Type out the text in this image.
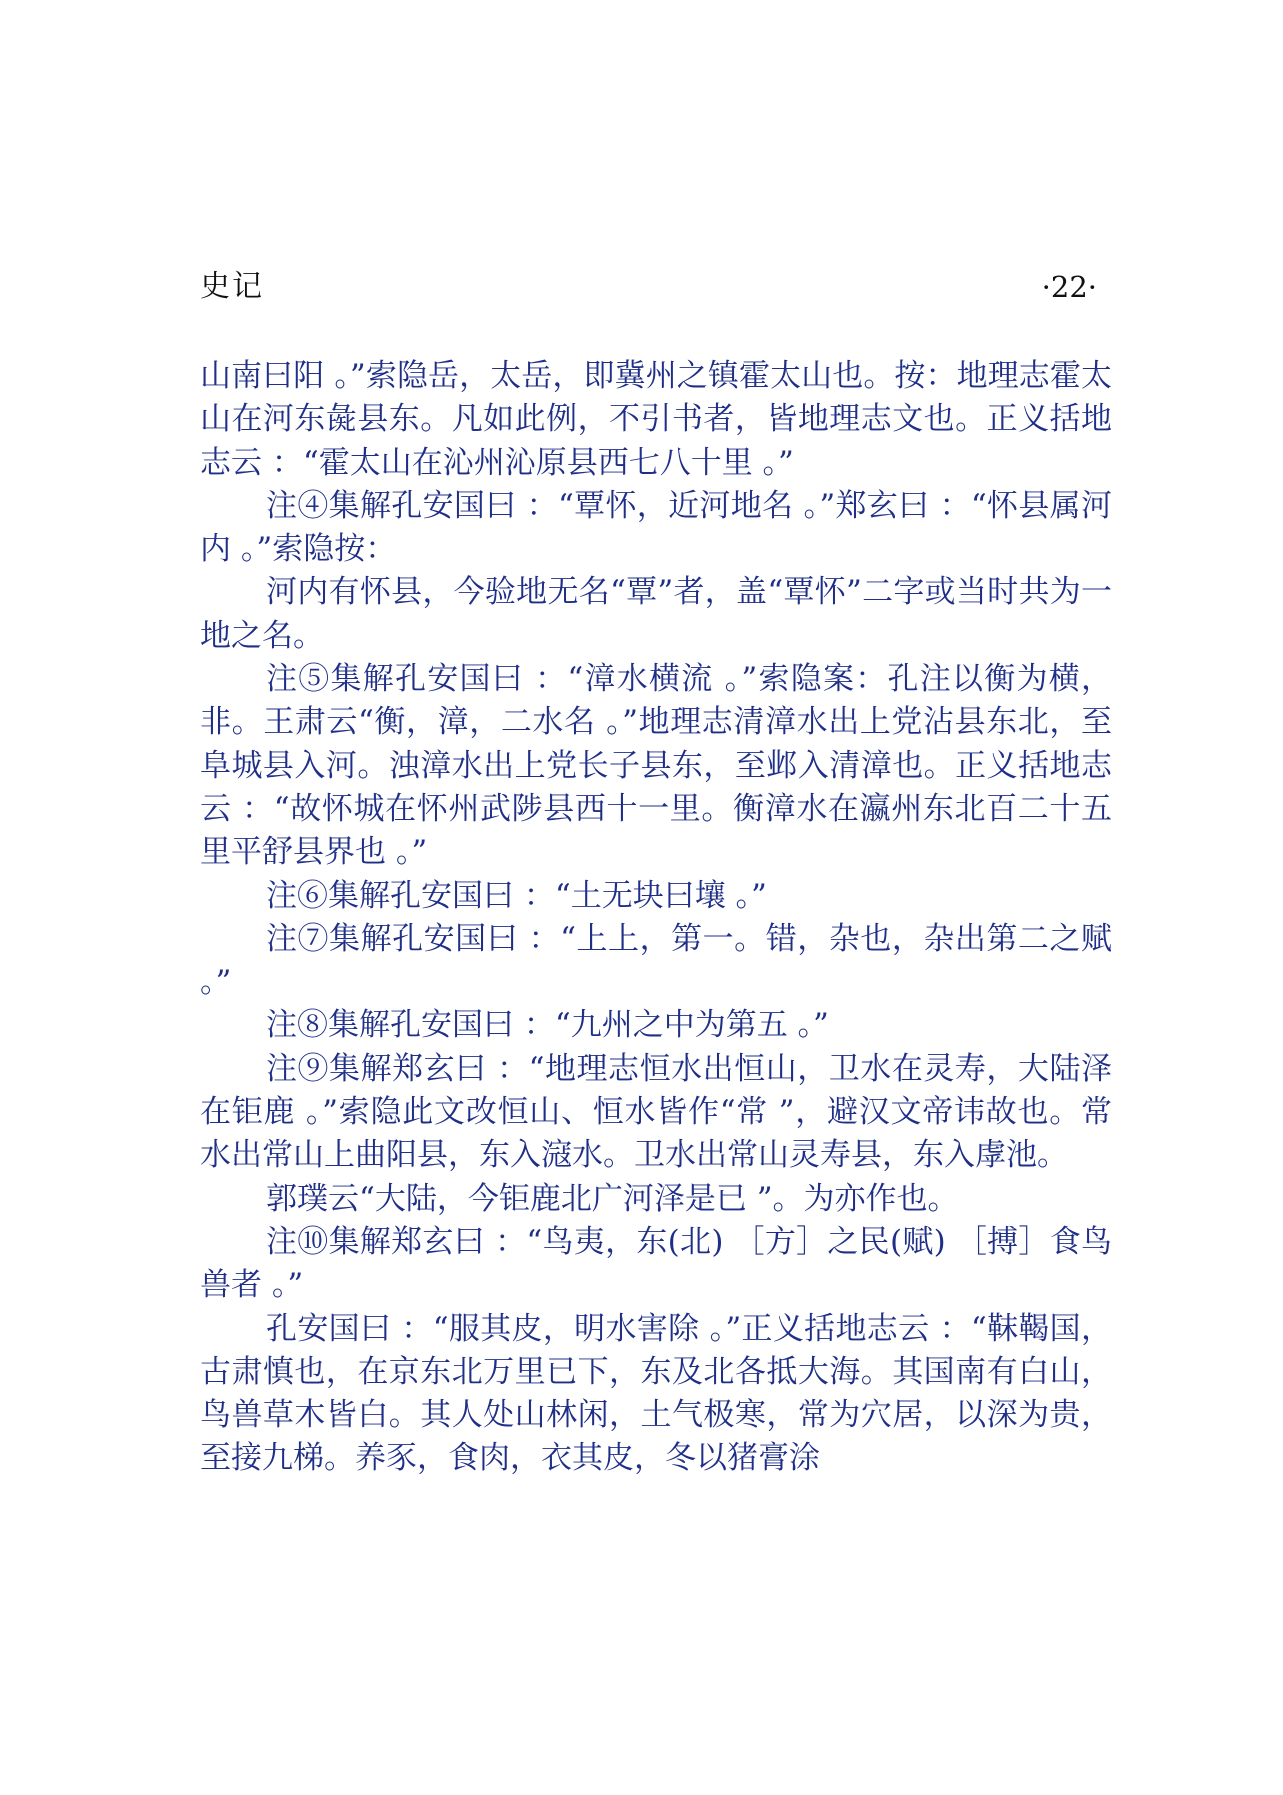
史记	·22·

山南曰阳 。”索隐岳，太岳，即冀州之镇霍太山也。按：地理志霍太山在河东彘县东。凡如此例，不引书者，皆地理志文也。正义括地志云 ：“霍太山在沁州沁原县西七八十里 。”

注④集解孔安国曰 ：“覃怀，近河地名 。”郑玄曰 ：“怀县属河内 。”索隐按：

河内有怀县，今验地无名“覃”者，盖“覃怀”二字或当时共为一地之名。

注⑤集解孔安国曰 ：“漳水横流 。”索隐案：孔注以衡为横，非。王肃云“衡，漳，二水名 。”地理志清漳水出上党沾县东北，至阜城县入河。浊漳水出上党长子县东，至邺入清漳也。正义括地志云 ：“故怀城在怀州武陟县西十一里。衡漳水在瀛州东北百二十五里平舒县界也 。”

注⑥集解孔安国曰 ：“土无块曰壤 。”

注⑦集解孔安国曰 ：“上上，第一。错，杂也，杂出第二之赋 。”

注⑧集解孔安国曰 ：“九州之中为第五 。”

注⑨集解郑玄曰 ：“地理志恒水出恒山，卫水在灵寿，大陆泽在钜鹿 。”索隐此文改恒山、恒水皆作“常 ”，避汉文帝讳故也。常水出常山上曲阳县，东入滱水。卫水出常山灵寿县，东入虖池。

郭璞云“大陆，今钜鹿北广河泽是已 ”。为亦作也。

注⑩集解郑玄曰 ：“鸟夷，东(北) ［方］之民(赋) ［搏］食鸟兽者 。”

孔安国曰 ：“服其皮，明水害除 。”正义括地志云 ：“靺鞨国，古肃慎也，在京东北万里已下，东及北各抵大海。其国南有白山，鸟兽草木皆白。其人处山林闲，土气极寒，常为穴居，以深为贵，至接九梯。养豕，食肉，衣其皮，冬以猪膏涂
